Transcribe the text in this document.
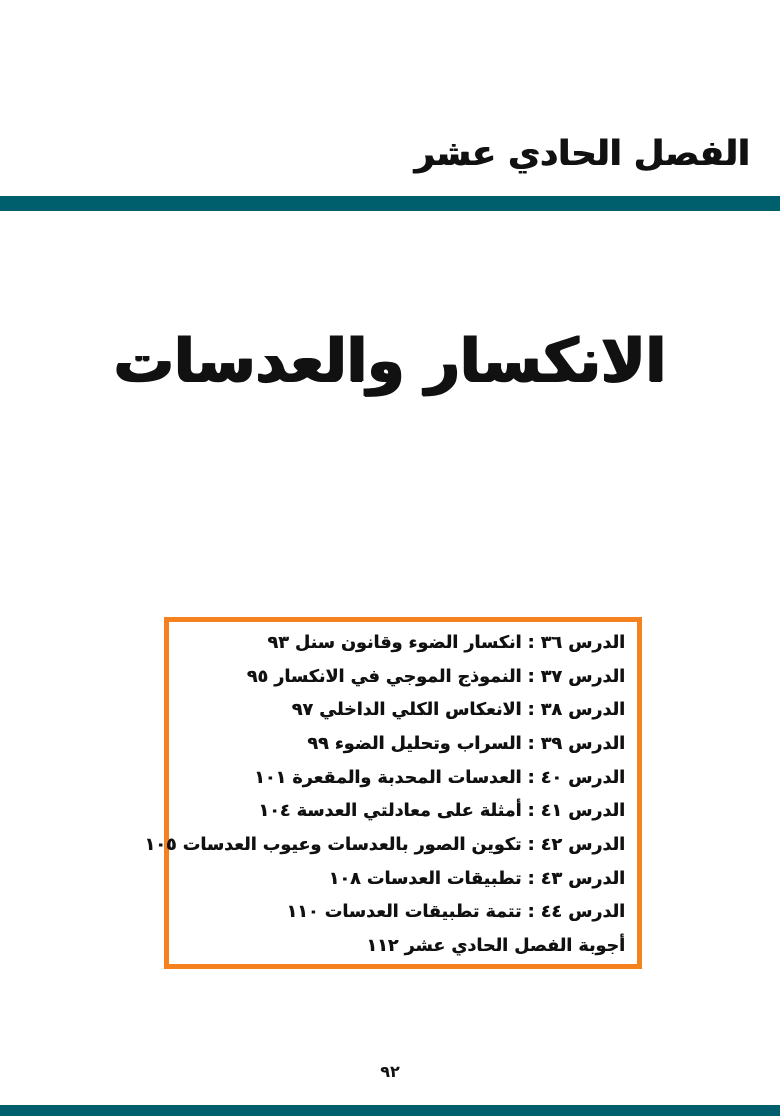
الفصل الحادي عشر
الانكسار والعدسات
الدرس ٣٦ : انكسار الضوء وقانون سنل ٩٣
الدرس ٣٧ : النموذج الموجي في الانكسار ٩٥
الدرس ٣٨ : الانعكاس الكلي الداخلي ٩٧
الدرس ٣٩ : السراب وتحليل الضوء ٩٩
الدرس ٤٠ : العدسات المحدبة والمقعرة ١٠١
الدرس ٤١ : أمثلة على معادلتي العدسة ١٠٤
الدرس ٤٢ : تكوين الصور بالعدسات وعيوب العدسات ١٠٥
الدرس ٤٣ : تطبيقات العدسات ١٠٨
الدرس ٤٤ : تتمة تطبيقات العدسات ١١٠
أجوبة الفصل الحادي عشر ١١٢
٩٢
